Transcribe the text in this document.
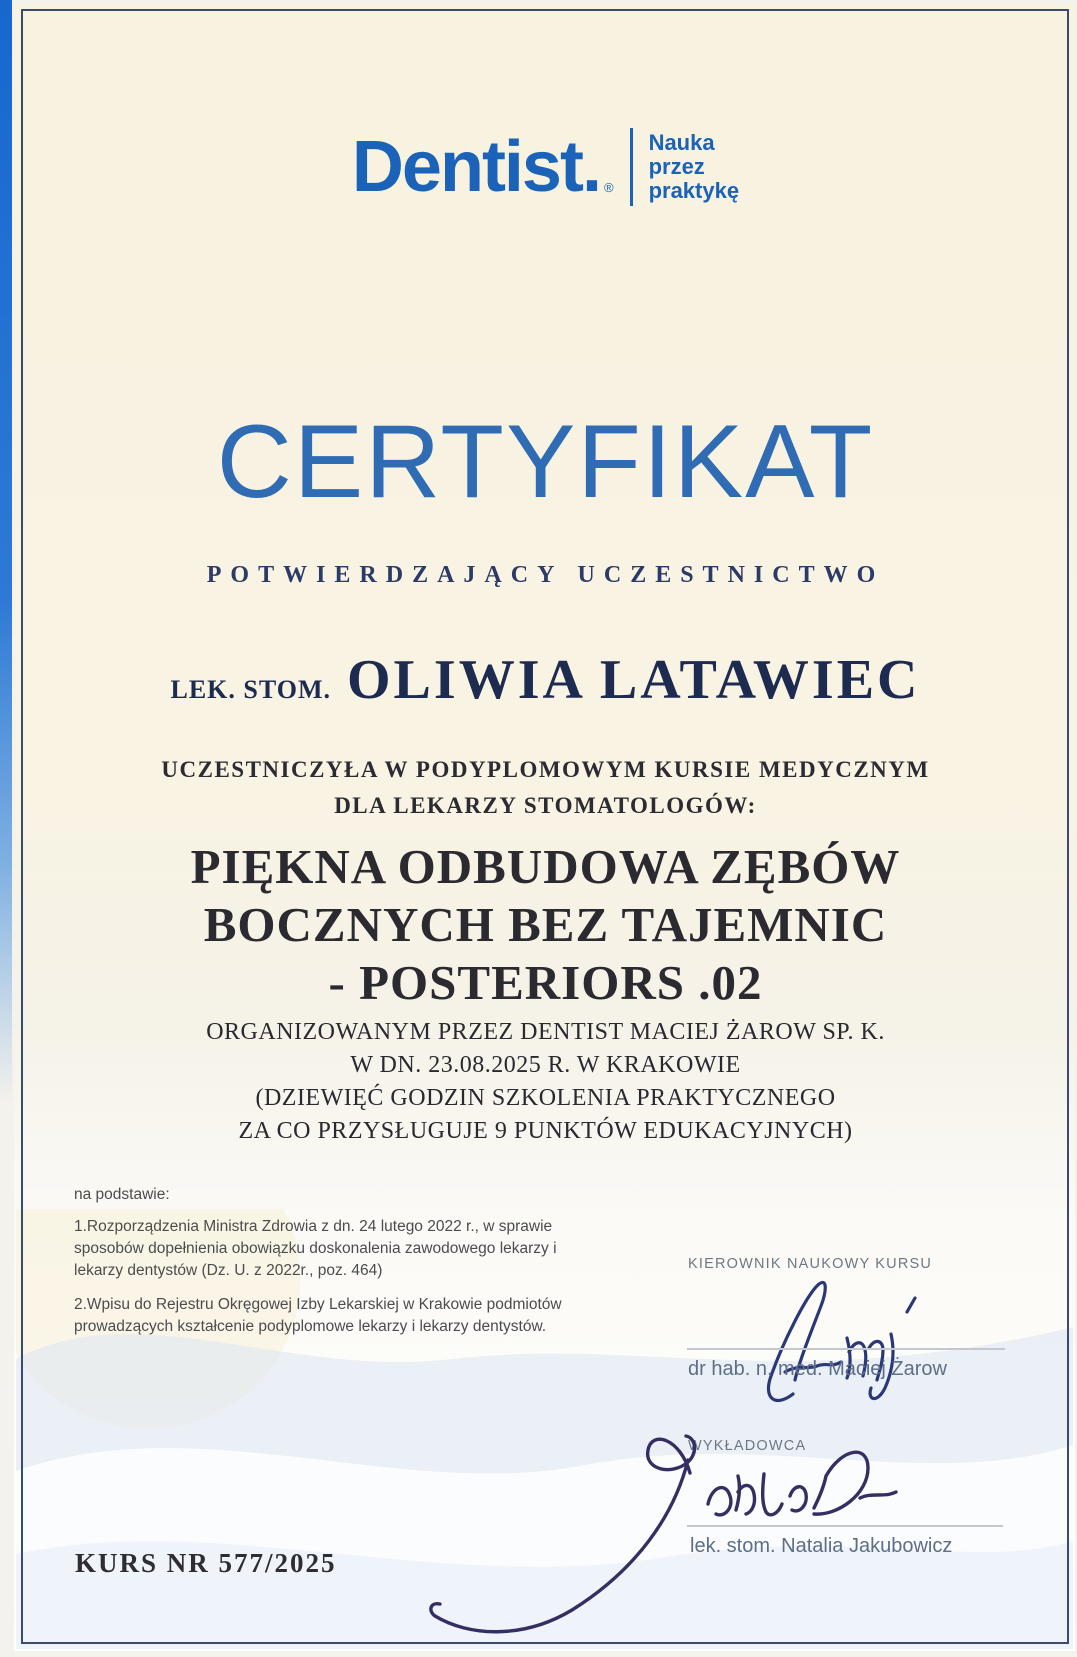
Dentist . ®
Nauka
przez
praktykę
CERTYFIKAT
POTWIERDZAJĄCY UCZESTNICTWO
LEK. STOM. OLIWIA LATAWIEC
UCZESTNICZYŁA W PODYPLOMOWYM KURSIE MEDYCZNYM
DLA LEKARZY STOMATOLOGÓW:
PIĘKNA ODBUDOWA ZĘBÓW
BOCZNYCH BEZ TAJEMNIC
- POSTERIORS .02
ORGANIZOWANYM PRZEZ DENTIST MACIEJ ŻAROW SP. K.
W DN. 23.08.2025 R. W KRAKOWIE
(DZIEWIĘĆ GODZIN SZKOLENIA PRAKTYCZNEGO
ZA CO PRZYSŁUGUJE 9 PUNKTÓW EDUKACYJNYCH)
na podstawie:
1.Rozporządzenia Ministra Zdrowia z dn. 24 lutego 2022 r., w sprawie sposobów dopełnienia obowiązku doskonalenia zawodowego lekarzy i lekarzy dentystów (Dz. U. z 2022r., poz. 464)
2.Wpisu do Rejestru Okręgowej Izby Lekarskiej w Krakowie podmiotów prowadzących kształcenie podyplomowe lekarzy i lekarzy dentystów.
KIEROWNIK NAUKOWY KURSU
dr hab. n. med. Maciej Żarow
WYKŁADOWCA
lek. stom. Natalia Jakubowicz
KURS NR 577/2025
